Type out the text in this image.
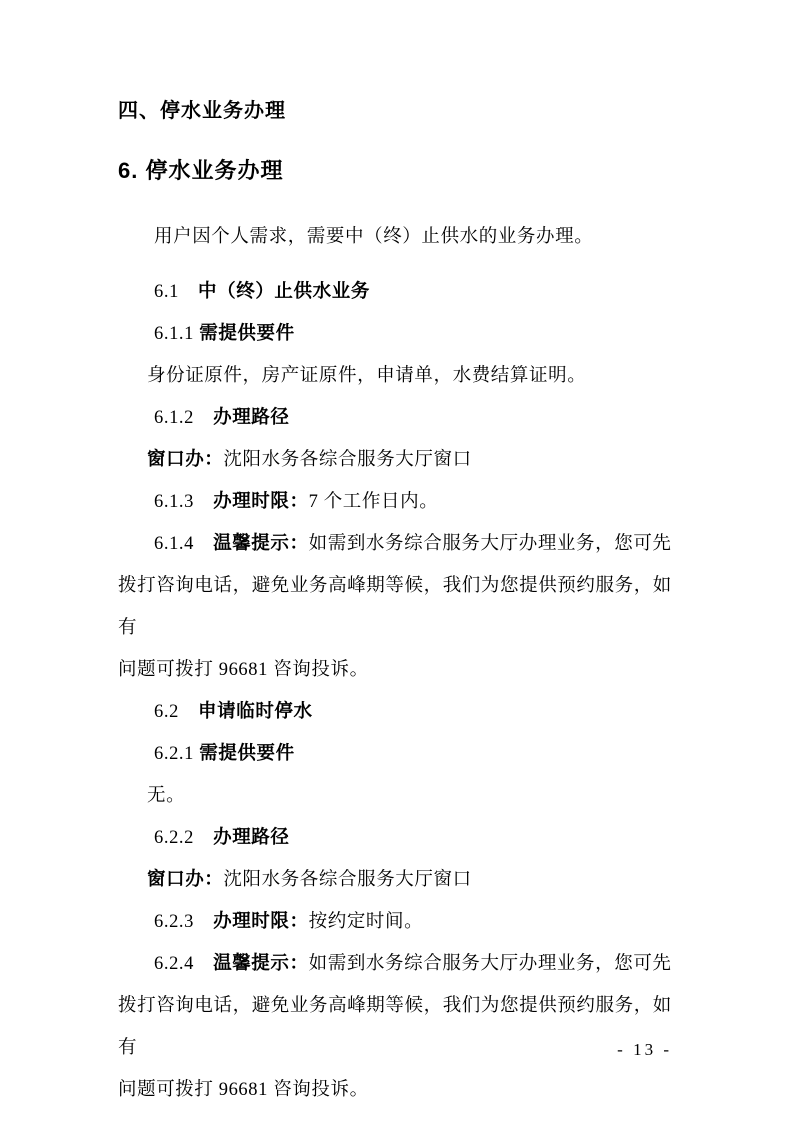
四、停水业务办理
6. 停水业务办理
用户因个人需求，需要中（终）止供水的业务办理。
6.1　中（终）止供水业务
6.1.1 需提供要件
身份证原件，房产证原件，申请单，水费结算证明。
6.1.2　办理路径
窗口办：沈阳水务各综合服务大厅窗口
6.1.3　办理时限：7 个工作日内。
6.1.4　温馨提示：如需到水务综合服务大厅办理业务，您可先
拨打咨询电话，避免业务高峰期等候，我们为您提供预约服务，如有
问题可拨打 96681 咨询投诉。
6.2　申请临时停水
6.2.1 需提供要件
无。
6.2.2　办理路径
窗口办：沈阳水务各综合服务大厅窗口
6.2.3　办理时限：按约定时间。
6.2.4　温馨提示：如需到水务综合服务大厅办理业务，您可先
拨打咨询电话，避免业务高峰期等候，我们为您提供预约服务，如有
问题可拨打 96681 咨询投诉。
- 13 -
